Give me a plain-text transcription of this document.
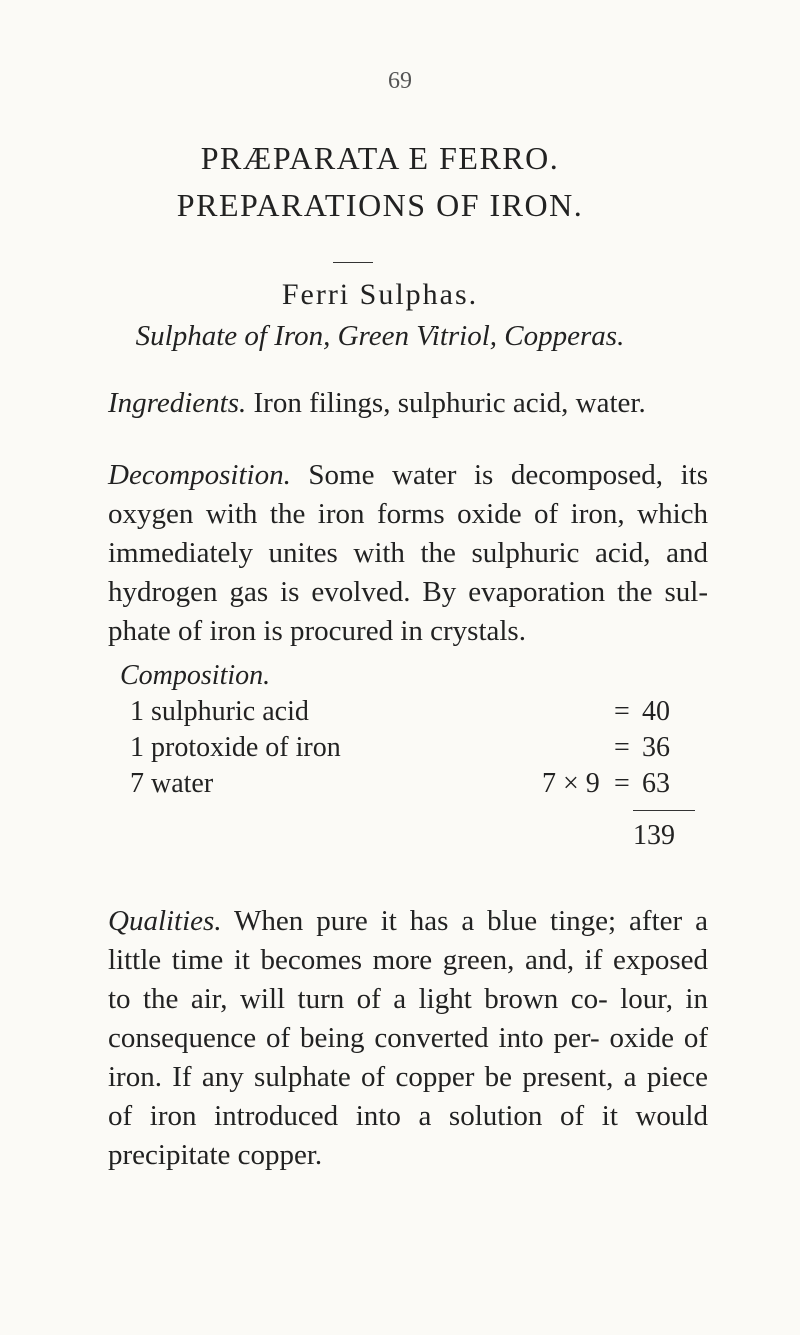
69
PRÆPARATA E FERRO.
PREPARATIONS OF IRON.
Ferri Sulphas.
Sulphate of Iron, Green Vitriol, Copperas.

Ingredients. Iron filings, sulphuric acid, water.

Decomposition. Some water is decomposed, its oxygen with the iron forms oxide of iron, which immediately unites with the sulphuric acid, and hydrogen gas is evolved. By evaporation the sul- phate of iron is procured in crystals.

Composition.
1 sulphuric acid	= 40
1 protoxide of iron	= 36
7 water	7 × 9 = 63
139

Qualities. When pure it has a blue tinge; after a little time it becomes more green, and, if exposed to the air, will turn of a light brown co- lour, in consequence of being converted into per- oxide of iron. If any sulphate of copper be present, a piece of iron introduced into a solution of it would precipitate copper.
